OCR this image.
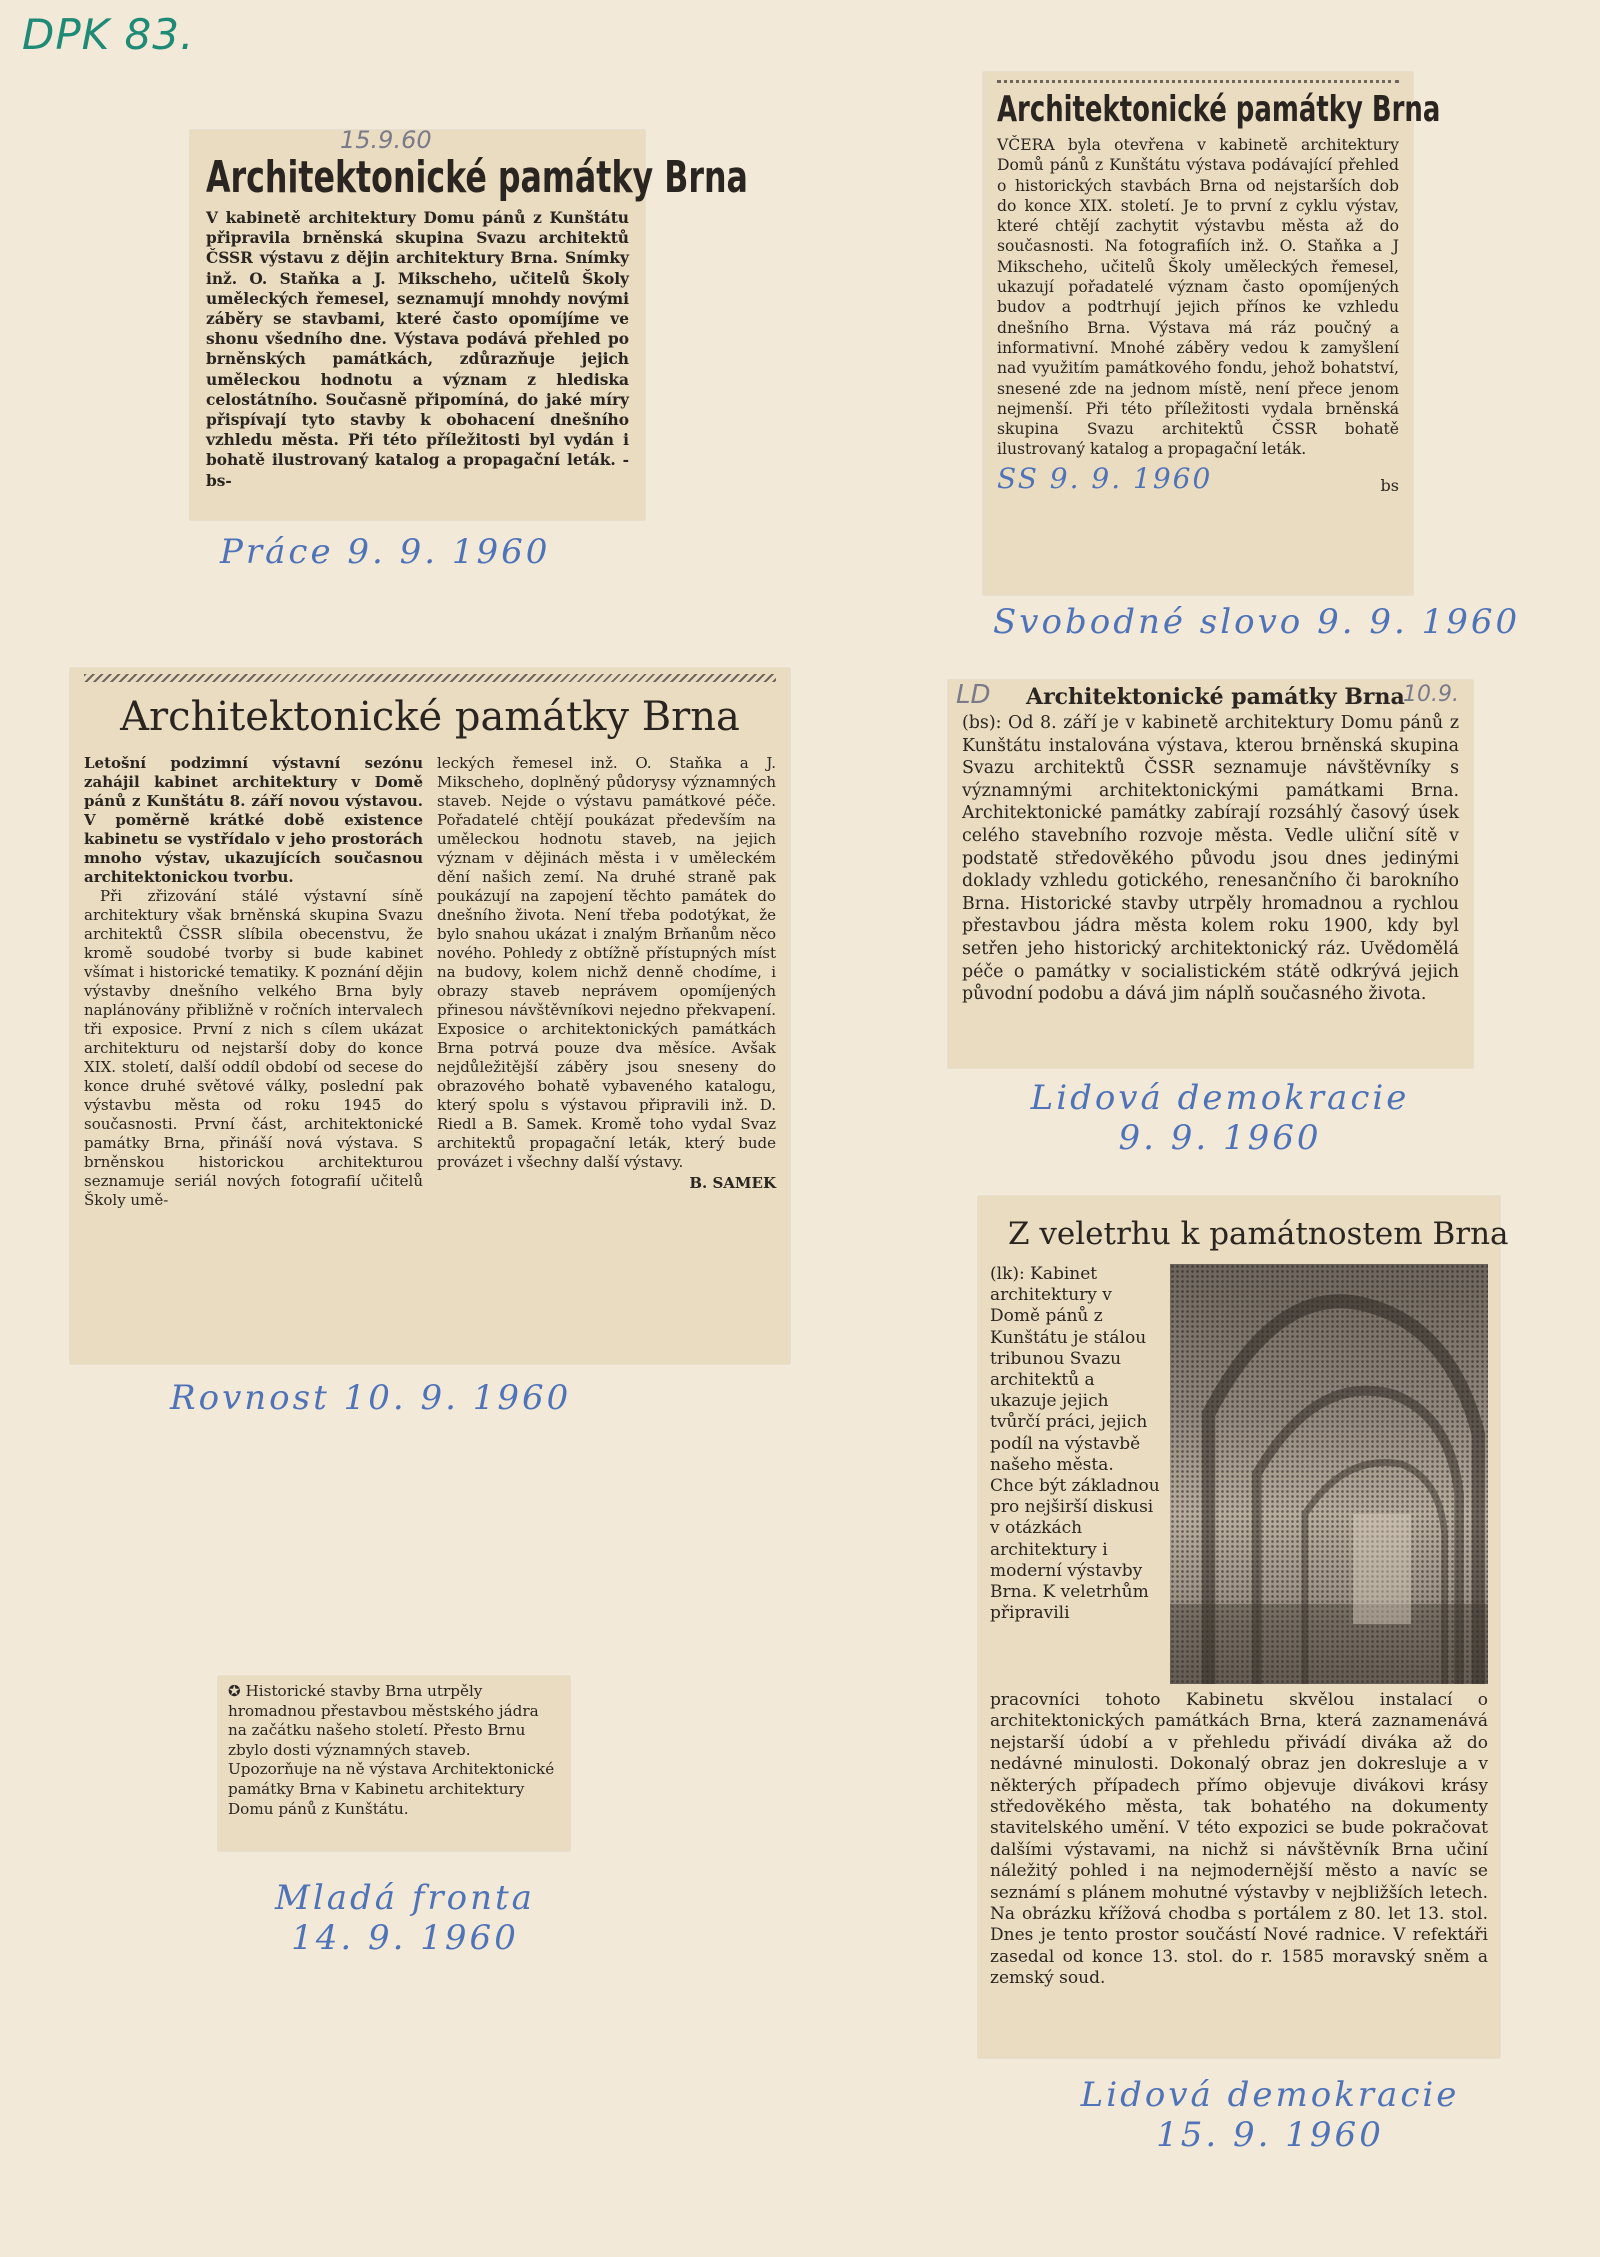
DPK 83.
15.9.60
Architektonické památky Brna

V kabinetě architektury Domu pánů z Kunštátu připravila brněnská skupina Svazu architektů ČSSR výstavu z dějin architektury Brna. Snímky inž. O. Staňka a J. Mikscheho, učitelů Školy uměleckých řemesel, seznamují mnohdy novými záběry se stavbami, které často opomíjíme ve shonu všedního dne. Výstava podává přehled po brněnských památkách, zdůrazňuje jejich uměleckou hodnotu a význam z hlediska celostátního. Současně připomíná, do jaké míry přispívají tyto stavby k obohacení dnešního vzhledu města. Při této příležitosti byl vydán i bohatě ilustrovaný katalog a propagační leták. -bs-

Práce 9. 9. 1960
Architektonické památky Brna

VČERA byla otevřena v kabinetě architektury Domů pánů z Kunštátu výstava podávající přehled o historických stavbách Brna od nejstarších dob do konce XIX. století. Je to první z cyklu výstav, které chtějí zachytit výstavbu města až do současnosti. Na fotografiích inž. O. Staňka a J Mikscheho, učitelů Školy uměleckých řemesel, ukazují pořadatelé význam často opomíjených budov a podtrhují jejich přínos ke vzhledu dnešního Brna. Výstava má ráz poučný a informativní. Mnohé záběry vedou k zamyšlení nad využitím památkového fondu, jehož bohatství, snesené zde na jednom místě, není přece jenom nejmenší. Při této příležitosti vydala brněnská skupina Svazu architektů ČSSR bohatě ilustrovaný katalog a propagační leták.

SS 9. 9. 1960	bs
Svobodné slovo 9. 9. 1960
Architektonické památky Brna

Letošní podzimní výstavní sezónu zahájil kabinet architektury v Domě pánů z Kunštátu 8. září novou výstavou. V poměrně krátké době existence kabinetu se vystřídalo v jeho prostorách mnoho výstav, ukazujících současnou architektonickou tvorbu.

Při zřizování stálé výstavní síně architektury však brněnská skupina Svazu architektů ČSSR slíbila obecenstvu, že kromě soudobé tvorby si bude kabinet všímat i historické tematiky. K poznání dějin výstavby dnešního velkého Brna byly naplánovány přibližně v ročních intervalech tři exposice. První z nich s cílem ukázat architekturu od nejstarší doby do konce XIX. století, další oddíl období od secese do konce druhé světové války, poslední pak výstavbu města od roku 1945 do současnosti. První část, architektonické památky Brna, přináší nová výstava. S brněnskou historickou architekturou seznamuje seriál nových fotografií učitelů Školy umě-

leckých řemesel inž. O. Staňka a J. Mikscheho, doplněný půdorysy významných staveb. Nejde o výstavu památkové péče. Pořadatelé chtějí poukázat především na uměleckou hodnotu staveb, na jejich význam v dějinách města i v uměleckém dění našich zemí. Na druhé straně pak poukázují na zapojení těchto památek do dnešního života. Není třeba podotýkat, že bylo snahou ukázat i znalým Brňanům něco nového. Pohledy z obtížně přístupných míst na budovy, kolem nichž denně chodíme, i obrazy staveb neprávem opomíjených přinesou návštěvníkovi nejedno překvapení. Exposice o architektonických památkách Brna potrvá pouze dva měsíce. Avšak nejdůležitější záběry jsou sneseny do obrazového bohatě vybaveného katalogu, který spolu s výstavou připravili inž. D. Riedl a B. Samek. Kromě toho vydal Svaz architektů propagační leták, který bude provázet i všechny další výstavy.

B. SAMEK
Rovnost 10. 9. 1960
LD	10.9.
Architektonické památky Brna

(bs): Od 8. září je v kabinetě architektury Domu pánů z Kunštátu instalována výstava, kterou brněnská skupina Svazu architektů ČSSR seznamuje návštěvníky s významnými architektonickými památkami Brna. Architektonické památky zabírají rozsáhlý časový úsek celého stavebního rozvoje města. Vedle uliční sítě v podstatě středověkého původu jsou dnes jedinými doklady vzhledu gotického, renesančního či barokního Brna. Historické stavby utrpěly hromadnou a rychlou přestavbou jádra města kolem roku 1900, kdy byl setřen jeho historický architektonický ráz. Uvědomělá péče o památky v socialistickém státě odkrývá jejich původní podobu a dává jim náplň současného života.

Lidová demokracie
9. 9. 1960

✪ Historické stavby Brna utrpěly hromadnou přestavbou městského jádra na začátku našeho století. Přesto Brnu zbylo dosti významných staveb. Upozorňuje na ně výstava Architektonické památky Brna v Kabinetu architektury Domu pánů z Kunštátu.

Mladá fronta
14. 9. 1960
Z veletrhu k památnostem Brna

(lk): Kabinet architektury v Domě pánů z Kunštátu je stálou tribunou Svazu architektů a ukazuje jejich tvůrčí práci, jejich podíl na výstavbě našeho města. Chce být základnou pro nejširší diskusi v otázkách architektury i moderní výstavby Brna. K veletrhům připravili

pracovníci tohoto Kabinetu skvělou instalací o architektonických památkách Brna, která zaznamenává nejstarší údobí a v přehledu přivádí diváka až do nedávné minulosti. Dokonalý obraz jen dokresluje a v některých případech přímo objevuje divákovi krásy středověkého města, tak bohatého na dokumenty stavitelského umění. V této expozici se bude pokračovat dalšími výstavami, na nichž si návštěvník Brna učiní náležitý pohled i na nejmodernější město a navíc se seznámí s plánem mohutné výstavby v nejbližších letech. Na obrázku křížová chodba s portálem z 80. let 13. stol. Dnes je tento prostor součástí Nové radnice. V refektáři zasedal od konce 13. stol. do r. 1585 moravský sněm a zemský soud.

Lidová demokracie
15. 9. 1960
